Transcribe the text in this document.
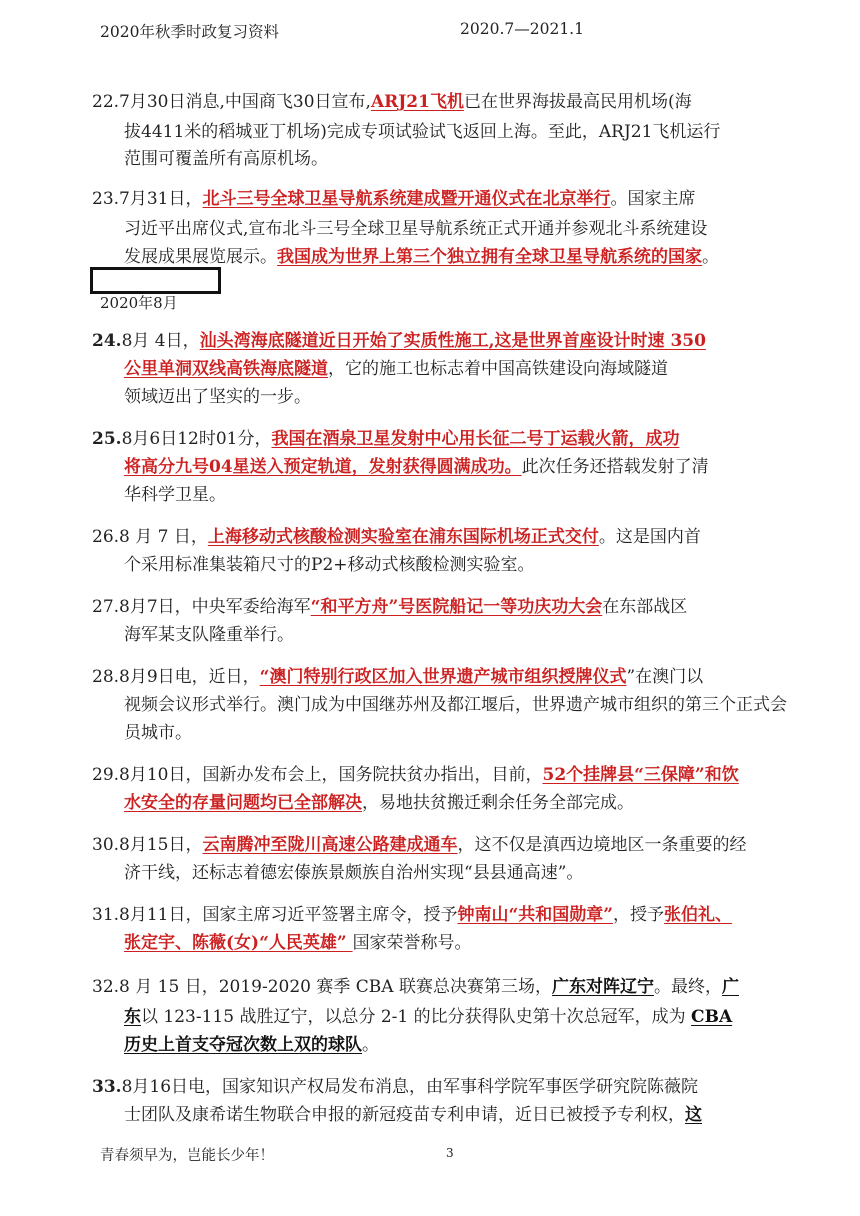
2020年秋季时政复习资料	2020.7—2021.1
22.7月30日消息,中国商飞30日宣布,ARJ21飞机已在世界海拔最高民用机场(海
拔4411米的稻城亚丁机场)完成专项试验试飞返回上海。至此，ARJ21飞机运行
范围可覆盖所有高原机场。
23.7月31日，北斗三号全球卫星导航系统建成暨开通仪式在北京举行。国家主席
习近平出席仪式,宣布北斗三号全球卫星导航系统正式开通并参观北斗系统建设
发展成果展览展示。我国成为世界上第三个独立拥有全球卫星导航系统的国家。
2020年8月
24.8月 4日，汕头湾海底隧道近日开始了实质性施工,这是世界首座设计时速 350
公里单洞双线高铁海底隧道，它的施工也标志着中国高铁建设向海域隧道
领域迈出了坚实的一步。
25.8月6日12时01分，我国在酒泉卫星发射中心用长征二号丁运载火箭，成功
将高分九号04星送入预定轨道，发射获得圆满成功。此次任务还搭载发射了清
华科学卫星。
26.8 月 7 日，上海移动式核酸检测实验室在浦东国际机场正式交付。这是国内首
个采用标准集装箱尺寸的P2+移动式核酸检测实验室。
27.8月7日，中央军委给海军“和平方舟”号医院船记一等功庆功大会在东部战区
海军某支队隆重举行。
28.8月9日电，近日，“澳门特别行政区加入世界遗产城市组织授牌仪式”在澳门以
视频会议形式举行。澳门成为中国继苏州及都江堰后，世界遗产城市组织的第三个正式会
员城市。
29.8月10日，国新办发布会上，国务院扶贫办指出，目前，52个挂牌县“三保障”和饮
水安全的存量问题均已全部解决，易地扶贫搬迁剩余任务全部完成。
30.8月15日，云南腾冲至陇川高速公路建成通车，这不仅是滇西边境地区一条重要的经
济干线，还标志着德宏傣族景颇族自治州实现“县县通高速”。
31.8月11日，国家主席习近平签署主席令，授予钟南山“共和国勋章”，授予张伯礼、
张定宇、陈薇(女)“人民英雄” 国家荣誉称号。
32.8 月 15 日，2019-2020 赛季 CBA 联赛总决赛第三场，广东对阵辽宁。最终，广
东以 123-115 战胜辽宁，以总分 2-1 的比分获得队史第十次总冠军，成为 CBA
历史上首支夺冠次数上双的球队。
33.8月16日电，国家知识产权局发布消息，由军事科学院军事医学研究院陈薇院
士团队及康希诺生物联合申报的新冠疫苗专利申请，近日已被授予专利权，这
青春须早为，岂能长少年！	3
